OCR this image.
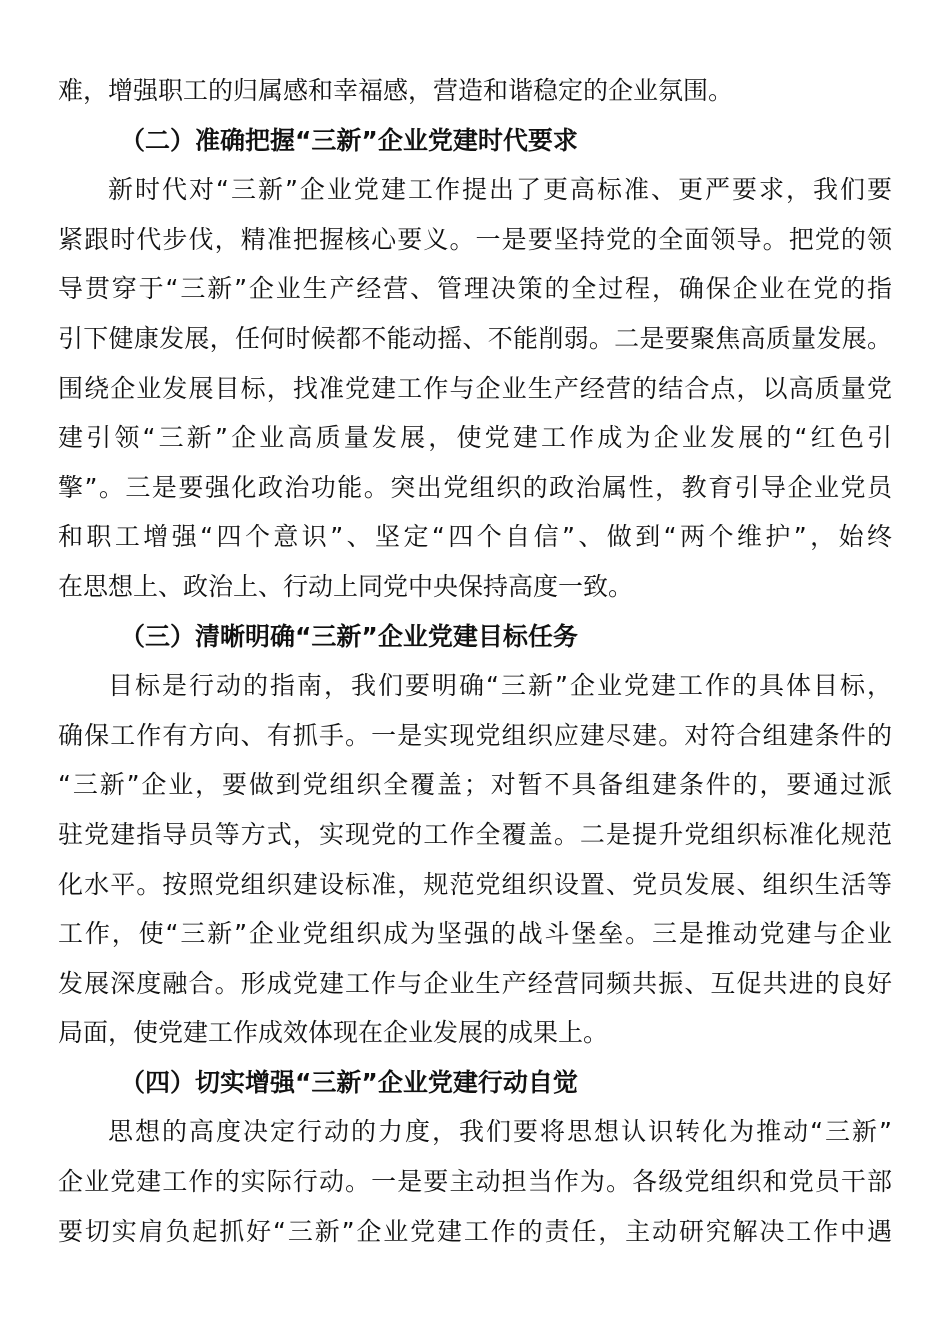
难，增强职工的归属感和幸福感，营造和谐稳定的企业氛围。

（二）准确把握“三新”企业党建时代要求

新时代对“三新”企业党建工作提出了更高标准、更严要求，我们要

紧跟时代步伐，精准把握核心要义。一是要坚持党的全面领导。把党的领

导贯穿于“三新”企业生产经营、管理决策的全过程，确保企业在党的指

引下健康发展，任何时候都不能动摇、不能削弱。二是要聚焦高质量发展。

围绕企业发展目标，找准党建工作与企业生产经营的结合点，以高质量党

建引领“三新”企业高质量发展，使党建工作成为企业发展的“红色引

擎”。三是要强化政治功能。突出党组织的政治属性，教育引导企业党员

和职工增强“四个意识”、坚定“四个自信”、做到“两个维护”，始终

在思想上、政治上、行动上同党中央保持高度一致。

（三）清晰明确“三新”企业党建目标任务

目标是行动的指南，我们要明确“三新”企业党建工作的具体目标，

确保工作有方向、有抓手。一是实现党组织应建尽建。对符合组建条件的

“三新”企业，要做到党组织全覆盖；对暂不具备组建条件的，要通过派

驻党建指导员等方式，实现党的工作全覆盖。二是提升党组织标准化规范

化水平。按照党组织建设标准，规范党组织设置、党员发展、组织生活等

工作，使“三新”企业党组织成为坚强的战斗堡垒。三是推动党建与企业

发展深度融合。形成党建工作与企业生产经营同频共振、互促共进的良好

局面，使党建工作成效体现在企业发展的成果上。

（四）切实增强“三新”企业党建行动自觉

思想的高度决定行动的力度，我们要将思想认识转化为推动“三新”

企业党建工作的实际行动。一是要主动担当作为。各级党组织和党员干部

要切实肩负起抓好“三新”企业党建工作的责任，主动研究解决工作中遇
